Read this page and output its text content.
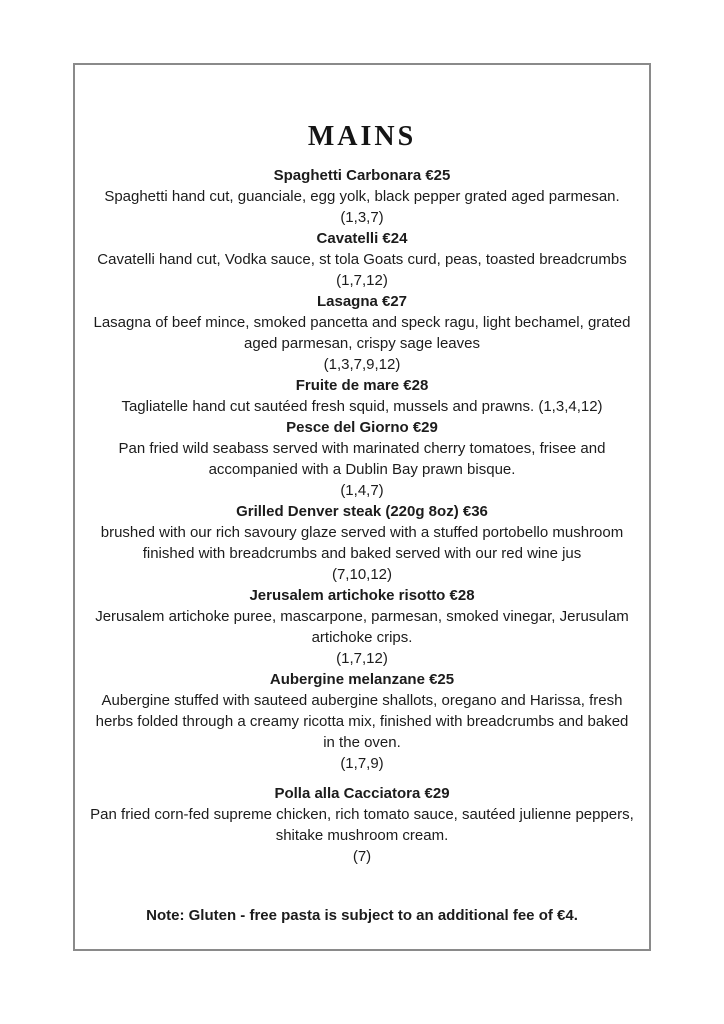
MAINS
Spaghetti Carbonara €25
Spaghetti hand cut, guanciale, egg yolk, black pepper grated aged parmesan.
(1,3,7)
Cavatelli €24
Cavatelli hand cut, Vodka sauce, st tola Goats curd, peas, toasted breadcrumbs
(1,7,12)
Lasagna €27
Lasagna of beef mince, smoked pancetta and speck ragu, light bechamel, grated aged parmesan, crispy sage leaves
(1,3,7,9,12)
Fruite de mare €28
Tagliatelle hand cut sautéed fresh squid, mussels and prawns. (1,3,4,12)
Pesce del Giorno €29
Pan fried wild seabass served with marinated cherry tomatoes, frisee and accompanied with a Dublin Bay prawn bisque.
(1,4,7)
Grilled Denver steak (220g 8oz) €36
brushed with our rich savoury glaze served with a stuffed portobello mushroom finished with breadcrumbs and baked served with our red wine jus
(7,10,12)
Jerusalem artichoke risotto €28
Jerusalem artichoke puree, mascarpone, parmesan, smoked vinegar, Jerusulam artichoke crips.
(1,7,12)
Aubergine melanzane €25
Aubergine stuffed with sauteed aubergine shallots, oregano and Harissa, fresh herbs folded through a creamy ricotta mix, finished with breadcrumbs and baked in the oven.
(1,7,9)
Polla alla Cacciatora €29
Pan fried corn-fed supreme chicken, rich tomato sauce, sautéed julienne peppers, shitake mushroom cream.
(7)
Note: Gluten - free pasta is subject to an additional fee of €4.
